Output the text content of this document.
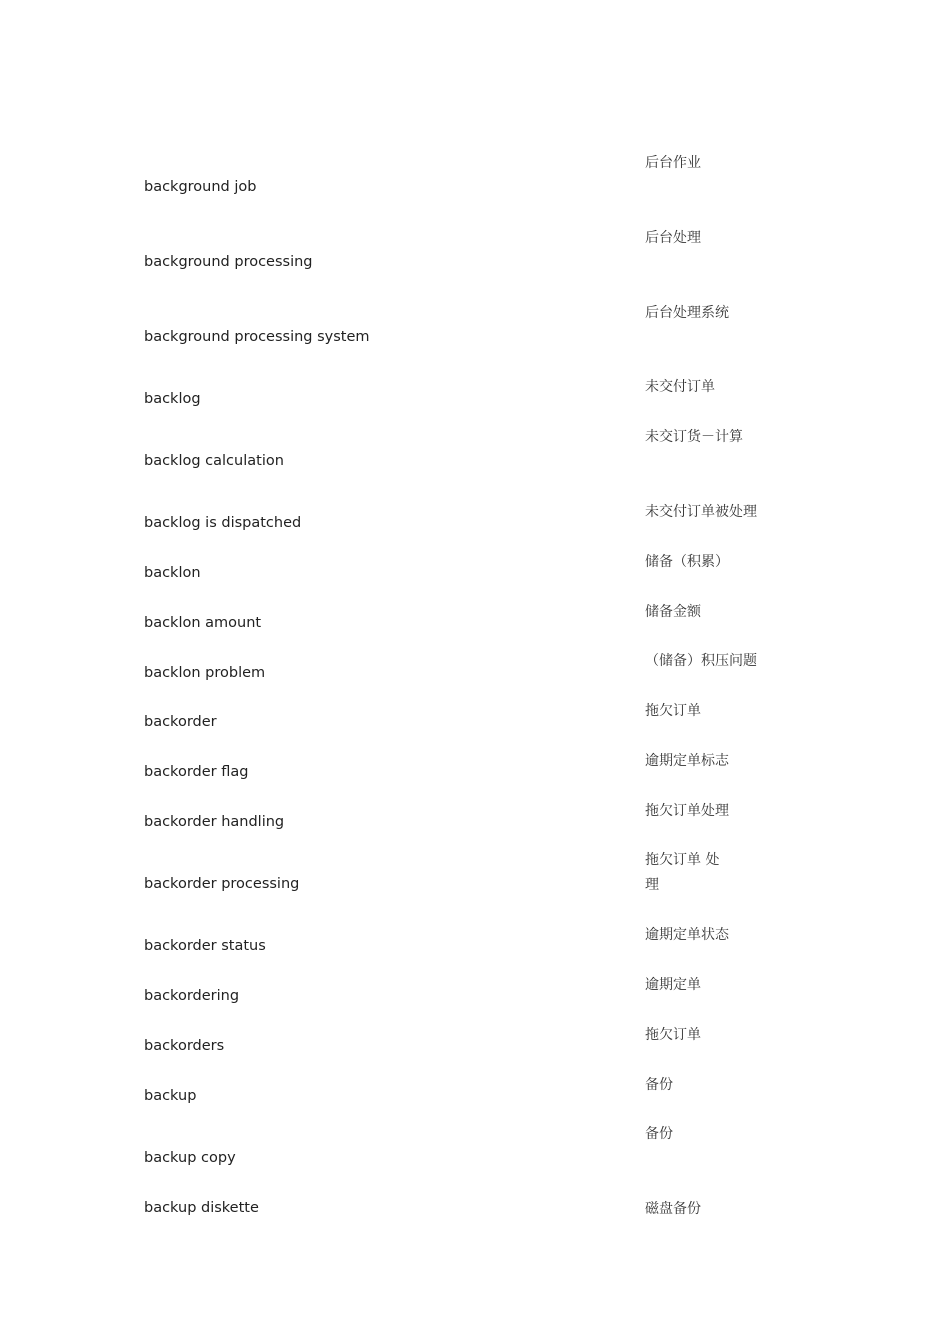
background job
后台作业
background processing
后台处理
background processing system
后台处理系统
backlog
未交付订单
backlog calculation
未交订货－计算
backlog is dispatched
未交付订单被处理
backlon
储备（积累）
backlon amount
储备金额
backlon problem
（储备）积压问题
backorder
拖欠订单
backorder flag
逾期定单标志
backorder handling
拖欠订单处理
backorder processing
拖欠订单 处
理
backorder status
逾期定单状态
backordering
逾期定单
backorders
拖欠订单
backup
备份
backup copy
备份
backup diskette	磁盘备份
